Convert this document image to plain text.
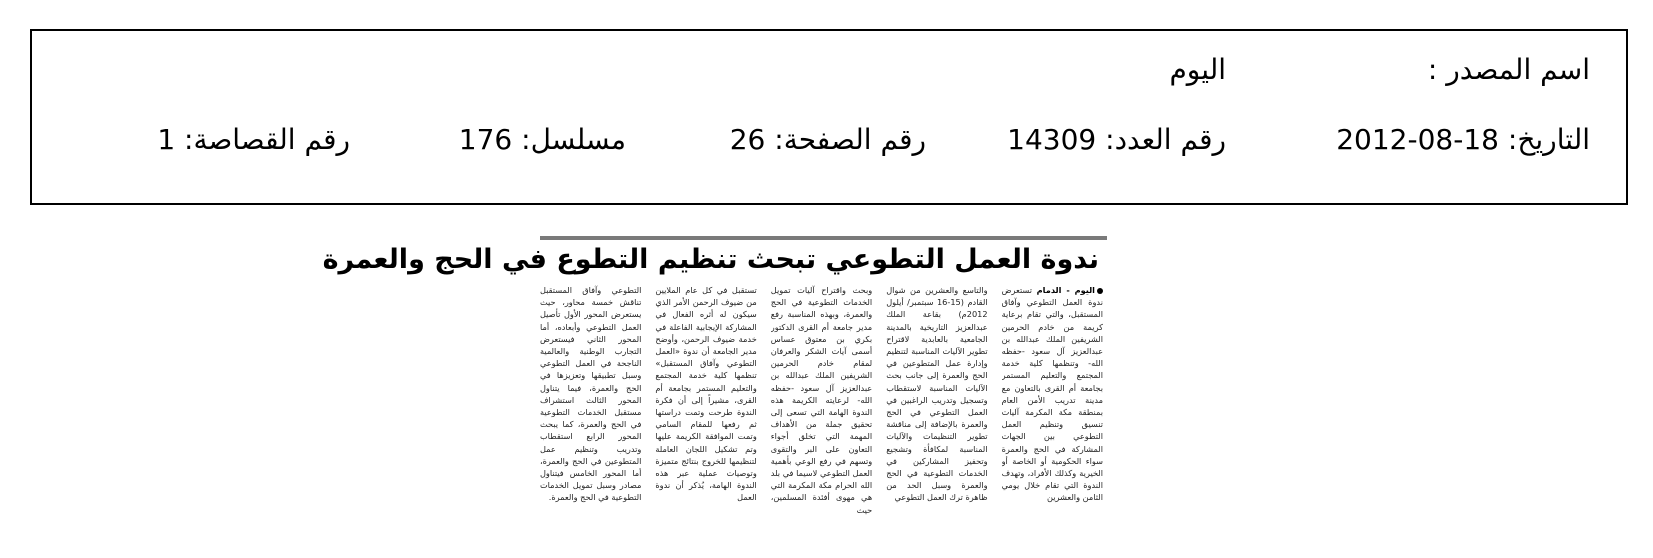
اسم المصدر :
اليوم
التاريخ: 18-08-2012
رقم العدد: 14309
رقم الصفحة: 26
مسلسل: 176
رقم القصاصة: 1
ندوة العمل التطوعي تبحث تنظيم التطوع في الحج والعمرة
اليوم - الدمام تستعرض ندوة العمل التطوعي وآفاق المستقبل، والتي تقام برعاية كريمة من خادم الحرمين الشريفين الملك عبدالله بن عبدالعزيز آل سعود -حفظه الله- وتنظمها كلية خدمة المجتمع والتعليم المستمر بجامعة أم القرى بالتعاون مع مدينة تدريب الأمن العام بمنطقة مكة المكرمة آليات تنسيق وتنظيم العمل التطوعي بين الجهات المشاركة في الحج والعمرة سواء الحكومية أو الخاصة أو الخيرية وكذلك الأفراد، وتهدف الندوة التي تقام خلال يومي الثامن والعشرين
والتاسع والعشرين من شوال القادم (15-16 سبتمبر/ أيلول 2012م) بقاعة الملك عبدالعزيز التاريخية بالمدينة الجامعية بالعابدية لاقتراح تطوير الآليات المناسبة لتنظيم وإدارة عمل المتطوعين في الحج والعمرة إلى جانب بحث الآليات المناسبة لاستقطاب وتسجيل وتدريب الراغبين في العمل التطوعي في الحج والعمرة بالإضافة إلى مناقشة تطوير التنظيمات والآليات المناسبة لمكافأة وتشجيع وتحفيز المشاركين في الخدمات التطوعية في الحج والعمرة وسبل الحد من ظاهرة ترك العمل التطوعي
وبحث واقتراح آليات تمويل الخدمات التطوعية في الحج والعمرة، وبهذه المناسبة رفع مدير جامعة أم القرى الدكتور بكري بن معتوق عساس أسمى آيات الشكر والعرفان لمقام خادم الحرمين الشريفين الملك عبدالله بن عبدالعزيز آل سعود -حفظه الله- لرعايته الكريمة هذه الندوة الهامة التي تسعى إلى تحقيق جملة من الأهداف المهمة التي تخلق أجواء التعاون على البر والتقوى وتسهم في رفع الوعي بأهمية العمل التطوعي لاسيما في بلد الله الحرام مكة المكرمة التي هي مهوى أفئدة المسلمين، حيث
تستقبل في كل عام الملايين من ضيوف الرحمن الأمر الذي سيكون له أثره الفعال في المشاركة الإيجابية الفاعلة في خدمة ضيوف الرحمن، وأوضح مدير الجامعة أن ندوة «العمل التطوعي وآفاق المستقبل» تنظمها كلية خدمة المجتمع والتعليم المستمر بجامعة أم القرى، مشيراً إلى أن فكرة الندوة طرحت وتمت دراستها ثم رفعها للمقام السامي وتمت الموافقة الكريمة عليها وتم تشكيل اللجان العاملة لتنظيمها للخروج بنتائج متميزة وتوصيات عملية عبر هذه الندوة الهامة، يُذكر أن ندوة العمل
التطوعي وآفاق المستقبل تناقش خمسة محاور، حيث يستعرض المحور الأول تأصيل العمل التطوعي وأبعاده، أما المحور الثاني فيستعرض التجارب الوطنية والعالمية الناجحة في العمل التطوعي وسبل تطبيقها وتعزيزها في الحج والعمرة، فيما يتناول المحور الثالث استشراف مستقبل الخدمات التطوعية في الحج والعمرة، كما يبحث المحور الرابع استقطاب وتدريب وتنظيم عمل المتطوعين في الحج والعمرة، أما المحور الخامس فيتناول مصادر وسبل تمويل الخدمات التطوعية في الحج والعمرة.
